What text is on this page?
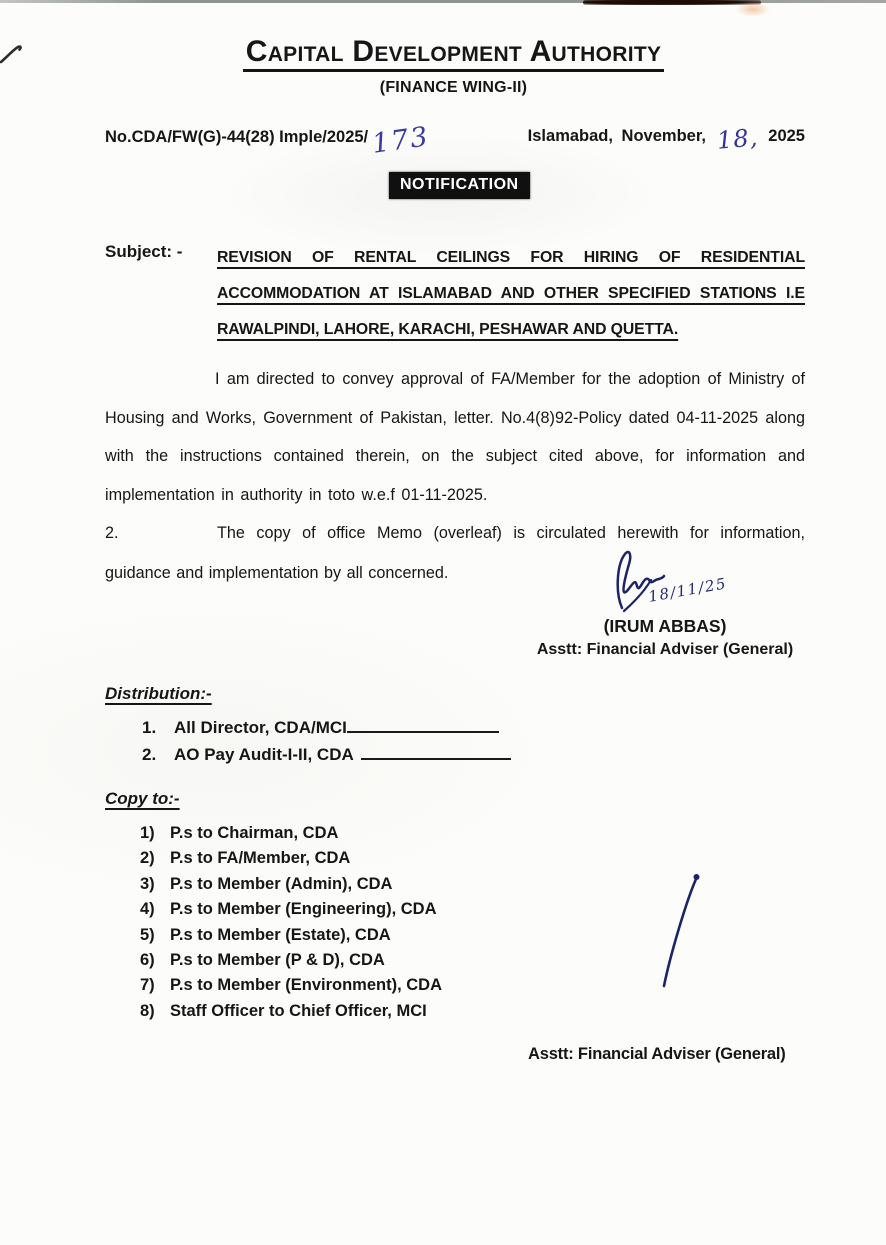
Capital Development Authority
(FINANCE WING-II)
No.CDA/FW(G)-44(28) Imple/2025/173	Islamabad, November, 18, 2025
NOTIFICATION
Subject: -	REVISION OF RENTAL CEILINGS FOR HIRING OF RESIDENTIAL ACCOMMODATION AT ISLAMABAD AND OTHER SPECIFIED STATIONS I.E RAWALPINDI, LAHORE, KARACHI, PESHAWAR AND QUETTA.

I am directed to convey approval of FA/Member for the adoption of Ministry of Housing and Works, Government of Pakistan, letter. No.4(8)92-Policy dated 04-11-2025 along with the instructions contained therein, on the subject cited above, for information and implementation in authority in toto w.e.f 01-11-2025.

2.	The copy of office Memo (overleaf) is circulated herewith for information, guidance and implementation by all concerned.

18/11/25
(IRUM ABBAS)
Asstt: Financial Adviser (General)
Distribution:-
1. All Director, CDA/MCI
2. AO Pay Audit-I-II, CDA
Copy to:-
1) P.s to Chairman, CDA
2) P.s to FA/Member, CDA
3) P.s to Member (Admin), CDA
4) P.s to Member (Engineering), CDA
5) P.s to Member (Estate), CDA
6) P.s to Member (P & D), CDA
7) P.s to Member (Environment), CDA
8) Staff Officer to Chief Officer, MCI
Asstt: Financial Adviser (General)
